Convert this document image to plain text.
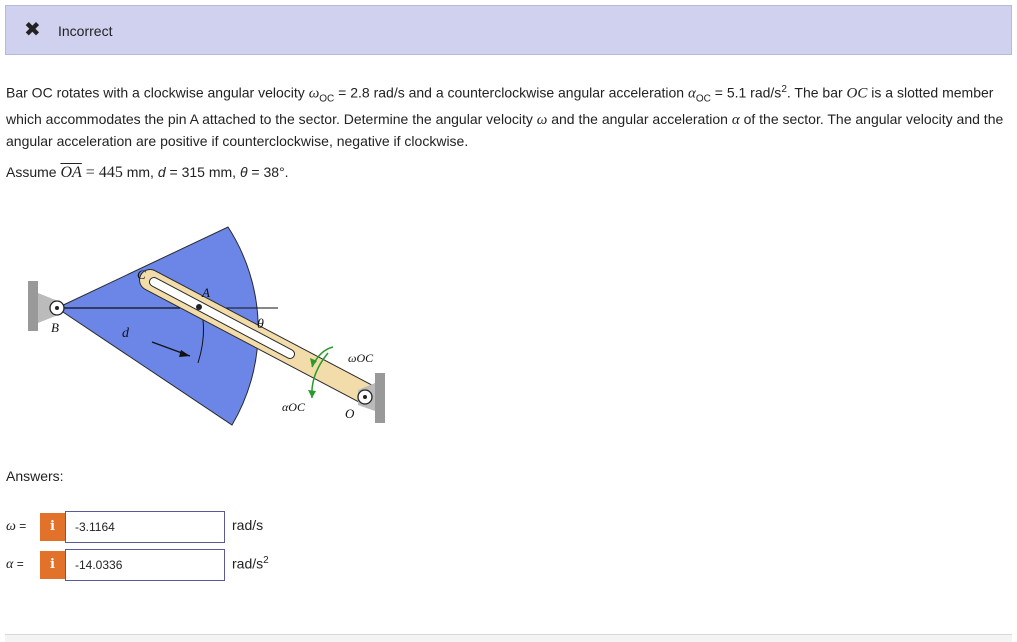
✖ Incorrect
Bar OC rotates with a clockwise angular velocity $\omega_{OC} = 2.8$ rad/s and a counterclockwise angular acceleration $\alpha_{OC} = 5.1$ rad/$s^2$. The bar OC is a slotted member which accommodates the pin A attached to the sector. Determine the angular velocity ω and the angular acceleration α of the sector. The angular velocity and the angular acceleration are positive if counterclockwise, negative if clockwise.
Assume $\overline{OA} = 445$ mm, d = 315 mm, θ = 38°.
C
A
B	d
θ
ωOC
αOC	O
Answers:
ω =	i	-3.1164	rad/s
α =	i	-14.0336	rad/$s^2$
